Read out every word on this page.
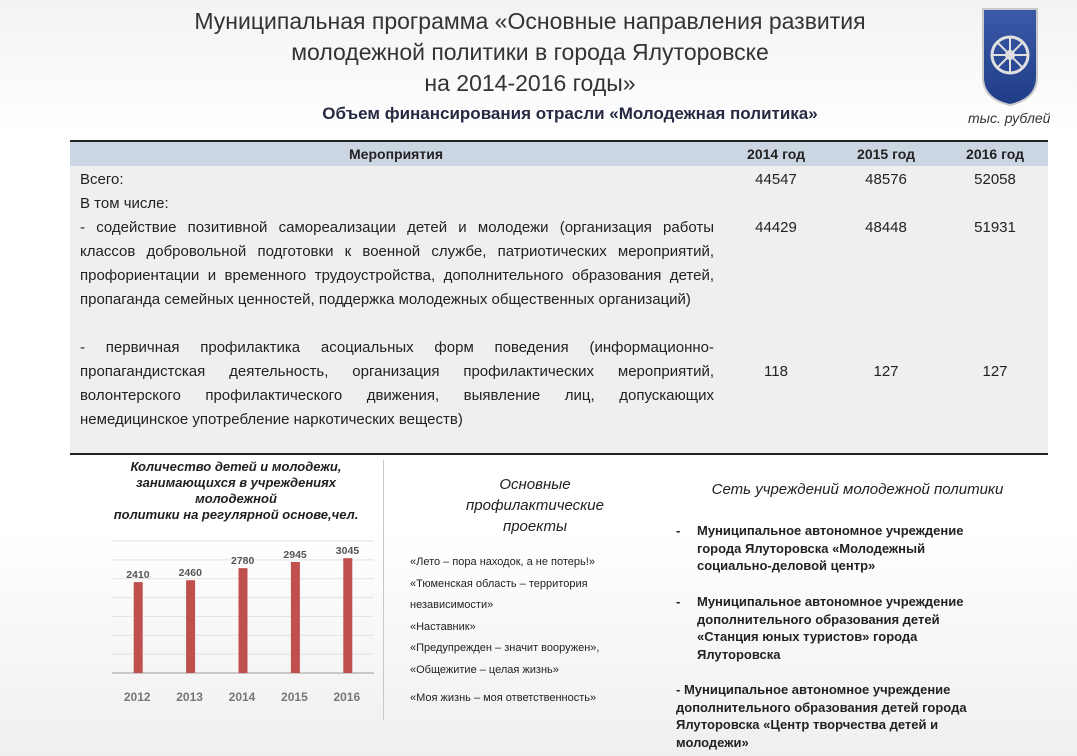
Муниципальная программа «Основные направления развития
молодежной политики в города Ялуторовске
на 2014-2016 годы»
Объем финансирования отрасли «Молодежная политика»	тыс. рублей
Мероприятия	2014 год	2015 год	2016 год
Всего:	44547	48576	52058
В том числе:
- содействие позитивной самореализации детей и молодежи (организация работы классов добровольной подготовки к военной службе, патриотических мероприятий, профориентации и временного трудоустройства, дополнительного образования детей, пропаганда семейных ценностей, поддержка молодежных общественных организаций)
44429	48448	51931
- первичная профилактика асоциальных форм поведения (информационно-пропагандистская деятельность, организация профилактических мероприятий, волонтерского профилактического движения, выявление лиц, допускающих немедицинское употребление наркотических веществ)
118	127	127
Количество детей и молодежи,
занимающихся в учреждениях
молодежной
политики на регулярной основе,чел.
2410
2012
2460
2013
2780
2014
2945
2015
3045
2016
Основные профилактические проекты
«Лето – пора находок, а не потерь!»
«Тюменская область – территория
независимости»
«Наставник»
«Предупрежден – значит вооружен»,
«Общежитие – целая жизнь»
«Моя жизнь – моя ответственность»
Сеть учреждений молодежной политики
- Муниципальное автономное учреждение
города Ялуторовска «Молодежный
социально-деловой центр»
- Муниципальное автономное учреждение
дополнительного образования детей
«Станция юных туристов» города
Ялуторовска
- Муниципальное автономное учреждение
дополнительного образования детей города
Ялуторовска «Центр творчества детей и
молодежи»
